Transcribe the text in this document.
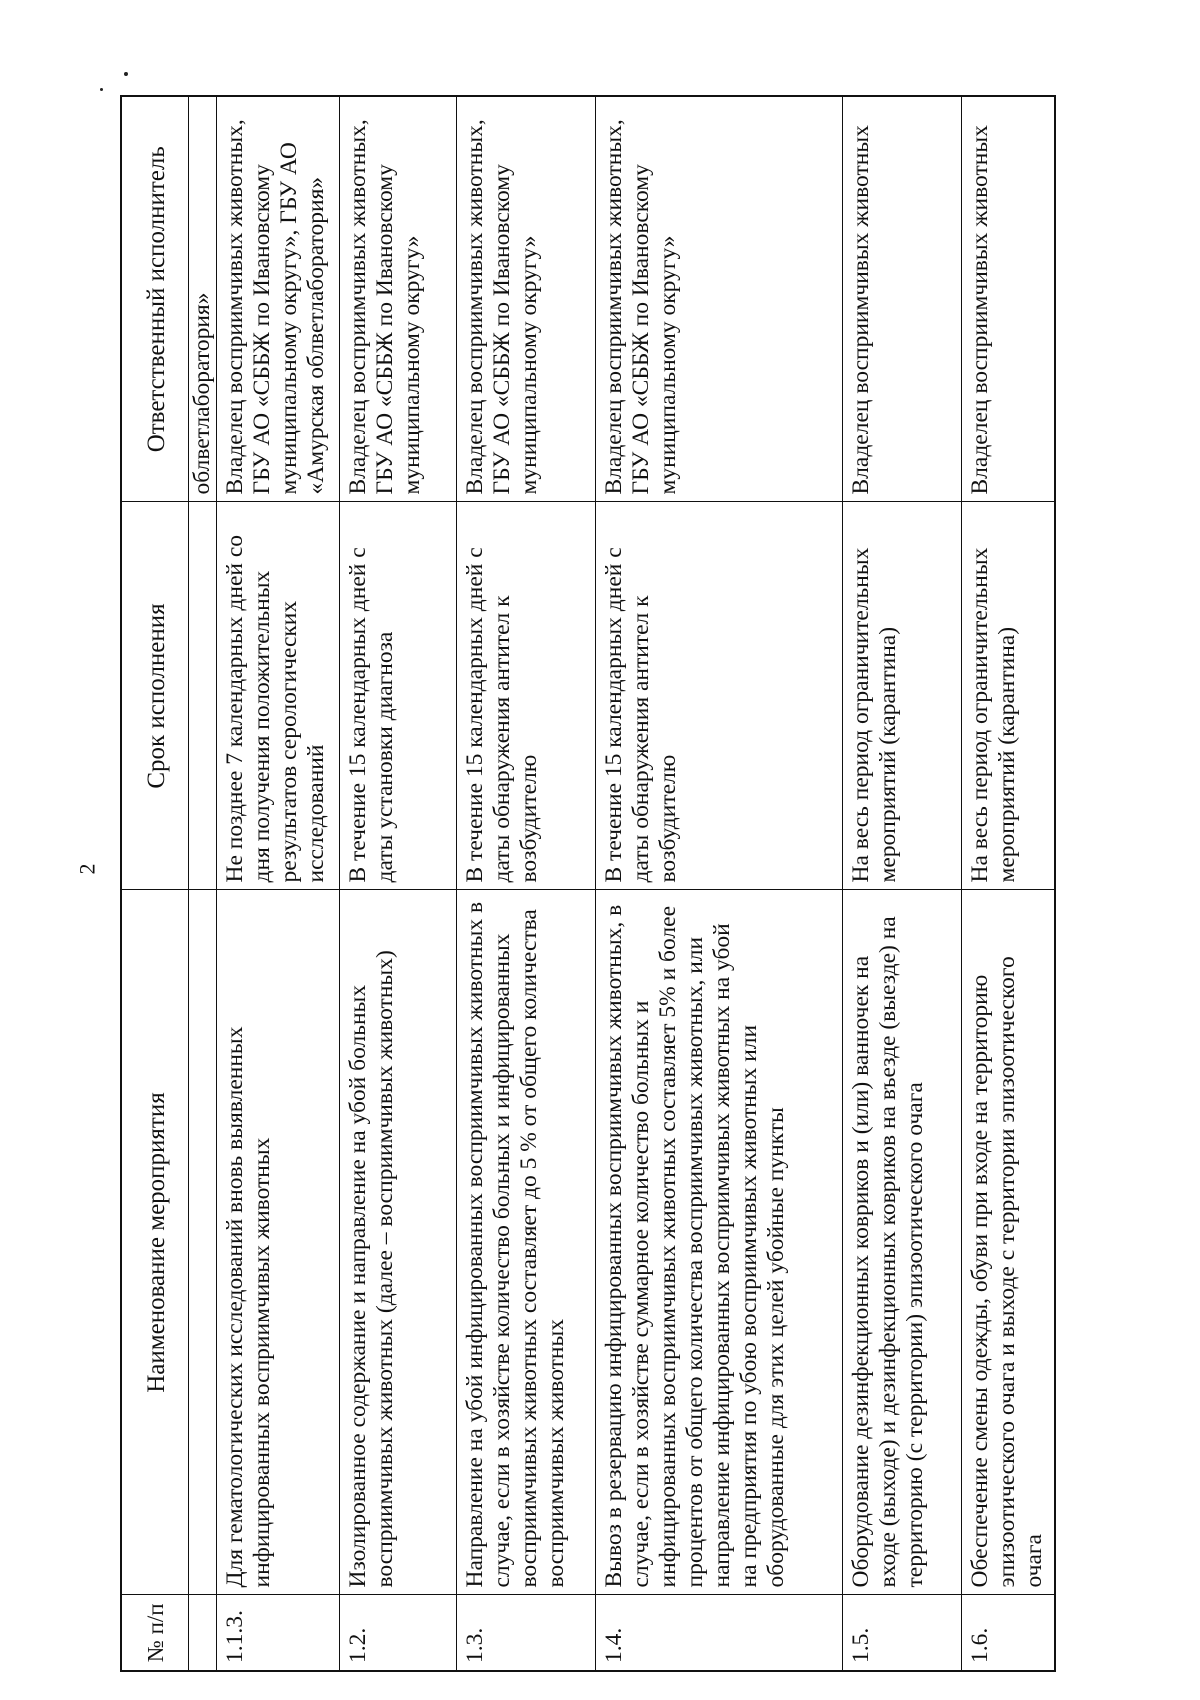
2
№ п/п	Наименование мероприятия	Срок исполнения	Ответственный исполнитель
			облветлаборатория»
1.1.3.	Для гематологических исследований вновь выявленных инфицированных восприимчивых животных	Не позднее 7 календарных дней со дня получения положительных результатов серологических исследований	Владелец восприимчивых животных, ГБУ АО «СББЖ по Ивановскому муниципальному округу», ГБУ АО «Амурская облветлаборатория»
1.2.	Изолированное содержание и направление на убой больных восприимчивых животных (далее – восприимчивых животных)	В течение 15 календарных дней с даты установки диагноза	Владелец восприимчивых животных, ГБУ АО «СББЖ по Ивановскому муниципальному округу»
1.3.	Направление на убой инфицированных восприимчивых животных в случае, если в хозяйстве количество больных и инфицированных восприимчивых животных составляет до 5 % от общего количества восприимчивых животных	В течение 15 календарных дней с даты обнаружения антител к возбудителю	Владелец восприимчивых животных, ГБУ АО «СББЖ по Ивановскому муниципальному округу»
1.4.	Вывоз в резервацию инфицированных восприимчивых животных, в случае, если в хозяйстве суммарное количество больных и инфицированных восприимчивых животных составляет 5% и более процентов от общего количества восприимчивых животных, или направление инфицированных восприимчивых животных на убой на предприятия по убою восприимчивых животных или оборудованные для этих целей убойные пункты	В течение 15 календарных дней с даты обнаружения антител к возбудителю	Владелец восприимчивых животных, ГБУ АО «СББЖ по Ивановскому муниципальному округу»
1.5.	Оборудование дезинфекционных ковриков и (или) ванночек на входе (выходе) и дезинфекционных ковриков на въезде (выезде) на территорию (с территории) эпизоотического очага	На весь период ограничительных мероприятий (карантина)	Владелец восприимчивых животных
1.6.	Обеспечение смены одежды, обуви при входе на территорию эпизоотического очага и выходе с территории эпизоотического очага	На весь период ограничительных мероприятий (карантина)	Владелец восприимчивых животных
